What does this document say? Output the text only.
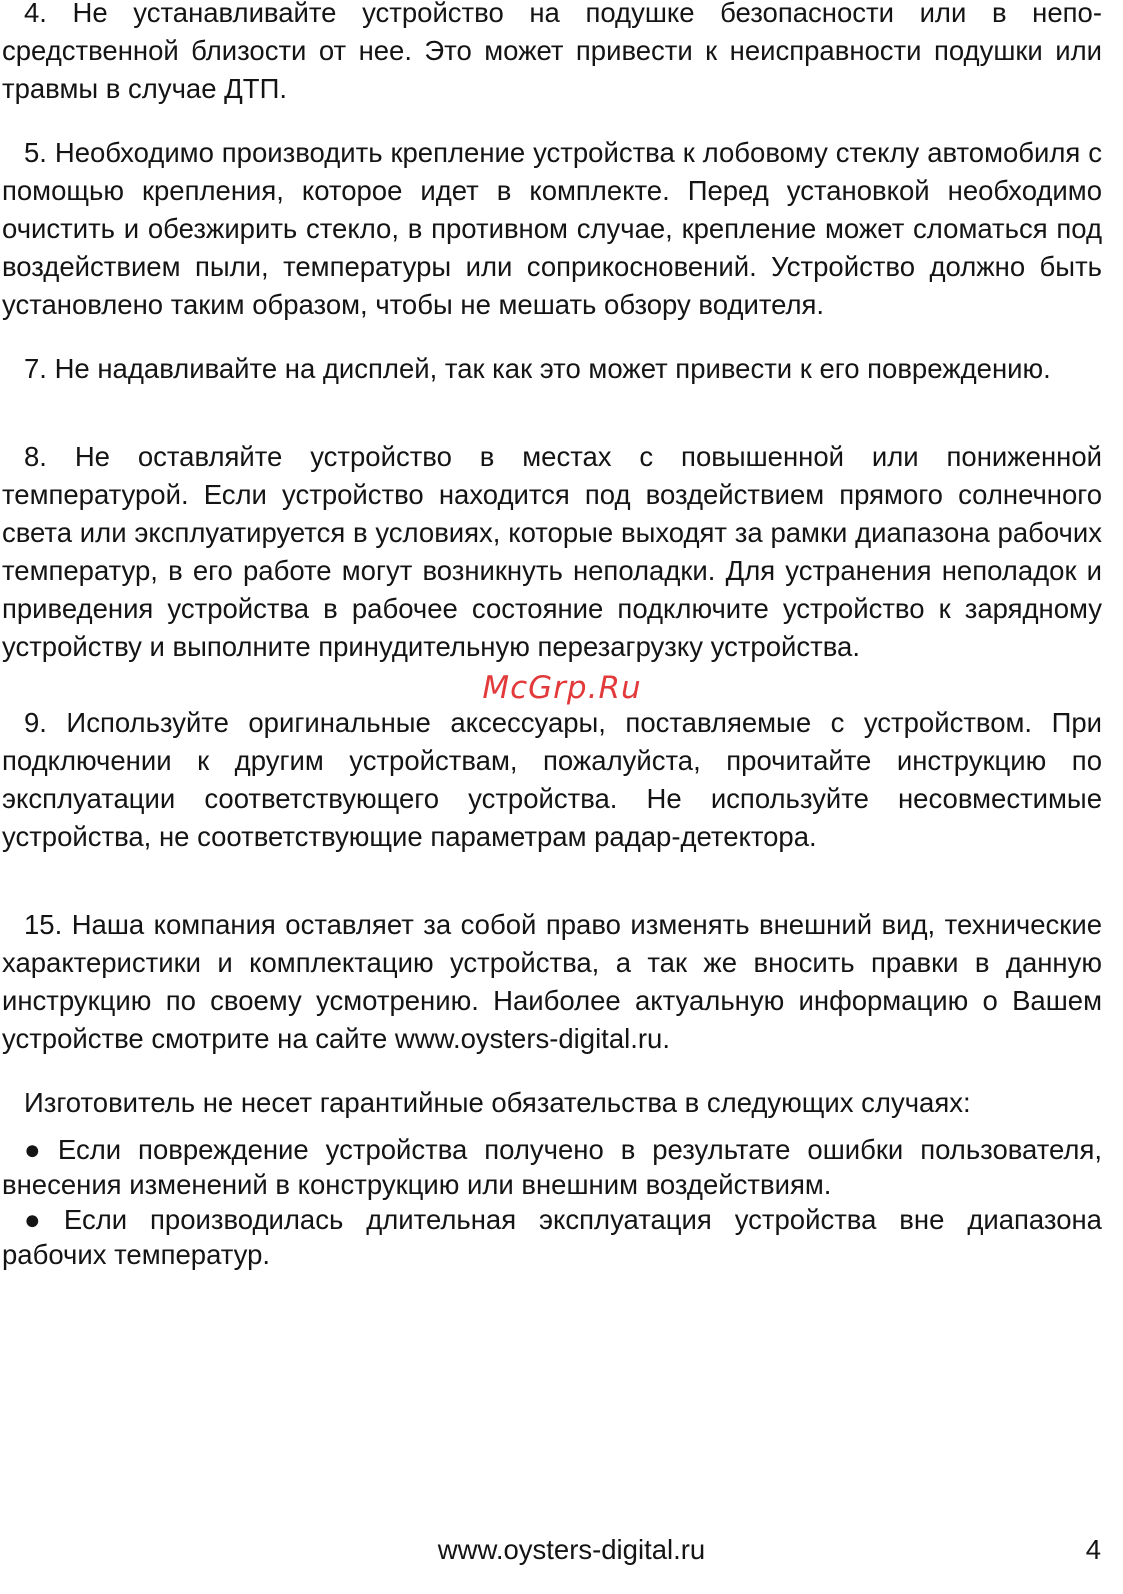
4. Не устанавливайте устройство на подушке безопасности или в непосредственной близости от нее. Это может привести к неисправности подушки или травмы в случае ДТП.

5. Необходимо производить крепление устройства к лобовому стеклу автомобиля с помощью крепления, которое идет в комплекте. Перед установкой необходимо очистить и обезжирить стекло, в противном случае, крепление может сломаться под воздействием пыли, температуры или соприкосновений. Устройство должно быть установлено таким образом, чтобы не мешать обзору водителя.

7. Не надавливайте на дисплей, так как это может привести к его повреждению.

8. Не оставляйте устройство в местах с повышенной или пониженной температурой. Если устройство находится под воздействием прямого солнечного света или эксплуатируется в условиях, которые выходят за рамки диапазона рабочих температур, в его работе могут возникнуть неполадки. Для устранения неполадок и приведения устройства в рабочее состояние подключите устройство к зарядному устройству и выполните принудительную перезагрузку устройства.

McGrp.Ru

9. Используйте оригинальные аксессуары, поставляемые с устройством. При подключении к другим устройствам, пожалуйста, прочитайте инструкцию по эксплуатации соответствующего устройства. Не используйте несовместимые устройства, не соответствующие параметрам радар-детектора.

15. Наша компания оставляет за собой право изменять внешний вид, технические характеристики и комплектацию устройства, а так же вносить правки в данную инструкцию по своему усмотрению. Наиболее актуальную информацию о Вашем устройстве смотрите на сайте www.oysters-digital.ru.

Изготовитель не несет гарантийные обязательства в следующих случаях:

● Если повреждение устройства получено в результате ошибки пользователя, внесения изменений в конструкцию или внешним воздействиям.
● Если производилась длительная эксплуатация устройства вне диапазона рабочих температур.
www.oysters-digital.ru	4
